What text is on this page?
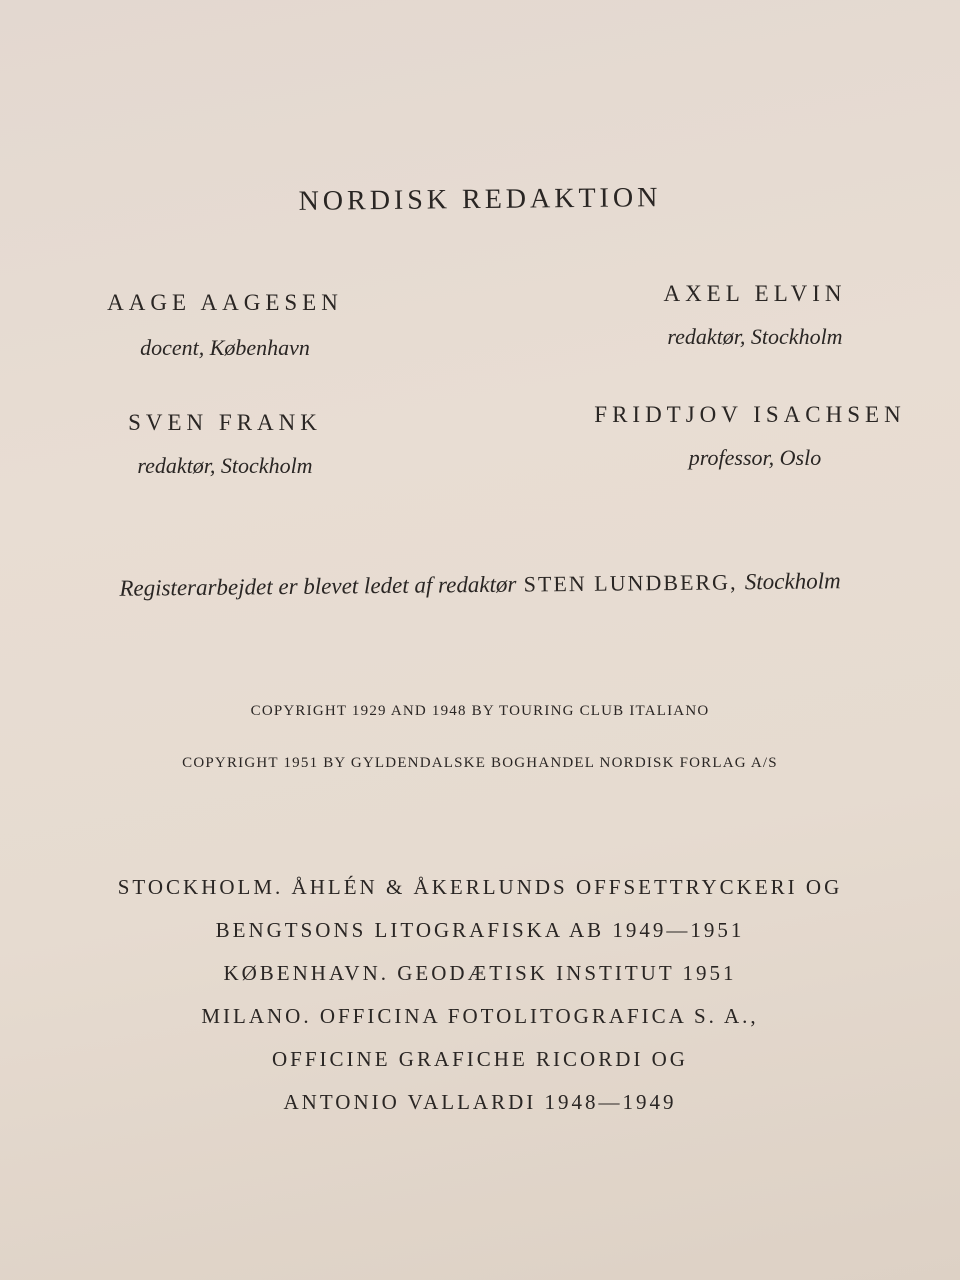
NORDISK REDAKTION
AAGE AAGESEN
docent, København
AXEL ELVIN
redaktør, Stockholm
SVEN FRANK
redaktør, Stockholm
FRIDTJOV ISACHSEN
professor, Oslo
Registerarbejdet er blevet ledet af redaktør STEN LUNDBERG, Stockholm
COPYRIGHT 1929 AND 1948 BY TOURING CLUB ITALIANO
COPYRIGHT 1951 BY GYLDENDALSKE BOGHANDEL NORDISK FORLAG A/S
STOCKHOLM. ÅHLÉN & ÅKERLUNDS OFFSETTRYCKERI OG
BENGTSONS LITOGRAFISKA AB 1949—1951
KØBENHAVN. GEODÆTISK INSTITUT 1951
MILANO. OFFICINA FOTOLITOGRAFICA S. A.,
OFFICINE GRAFICHE RICORDI OG
ANTONIO VALLARDI 1948—1949
